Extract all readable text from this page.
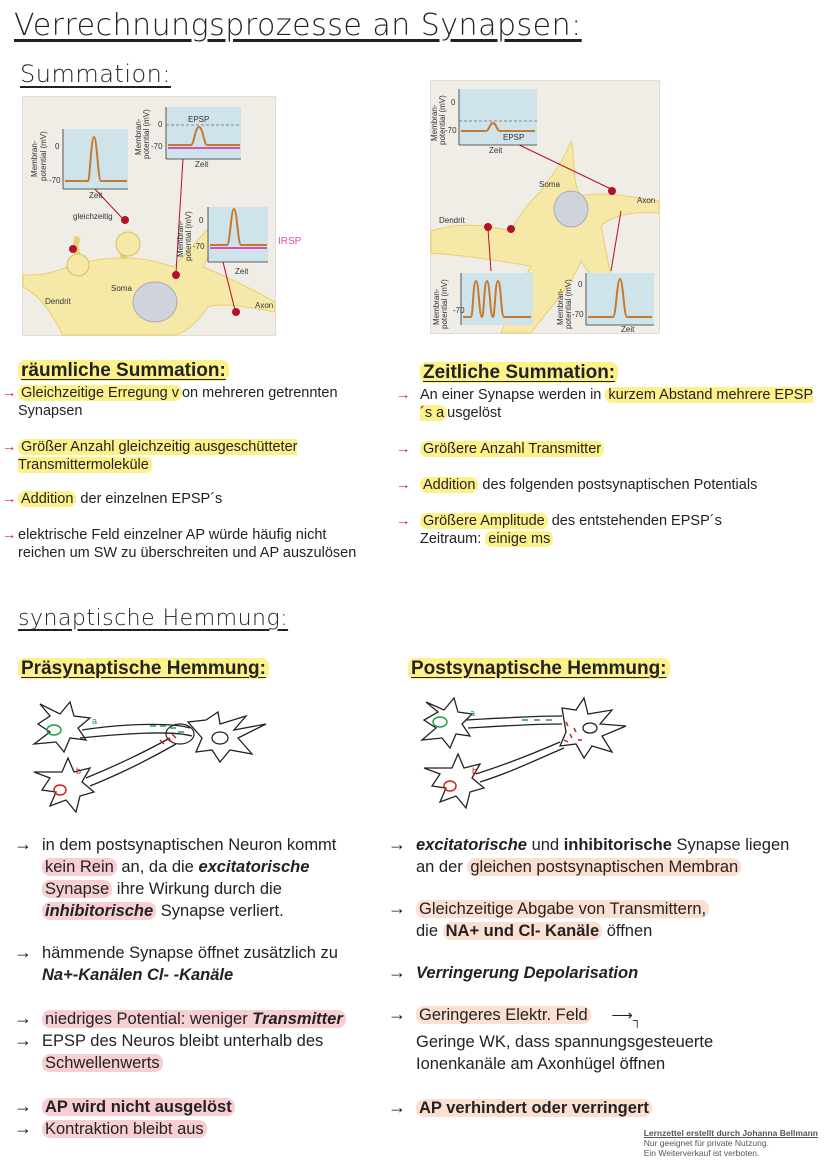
Verrechnungsprozesse an Synapsen:
Summation:
0
-70
Zeit
Membran- potential (mV)
EPSP
0
-70
Zeit
Membran- potential (mV)
0
-70
Zeit
Membran- potential (mV)
gleichzeitig
Soma
Dendrit	Axon
IRSP
EPSP
0
-70
Zeit
Membran- potential (mV)
-70
Membran- potential (mV)	0
-70
Zeit
Membran- potential (mV)
Soma
Dendrit
Axon
räumliche Summation:
→ Gleichzeitige Erregung v on mehreren getrennten Synapsen
→ Größer Anzahl gleichzeitig ausgeschütteter Transmittermoleküle
→ Addition der einzelnen EPSP´s
→ elektrische Feld einzelner AP würde häufig nicht reichen um SW zu überschreiten und AP auszulösen
Zeitliche Summation:
→ An einer Synapse werden in kurzem Abstand mehrere EPSP´s a usgelöst
→ Größere Anzahl Transmitter
→ Addition des folgenden postsynaptischen Potentials
→ Größere Amplitude des entstehenden EPSP´s
Zeitraum: einige ms
synaptische Hemmung:
Präsynaptische Hemmung:	Postsynaptische Hemmung:
a
b
a
b
→ in dem postsynaptischen Neuron kommt
kein Rein an, da die excitatorische
Synapse ihre Wirkung durch die
inhibitorische Synapse verliert.
→ hämmende Synapse öffnet zusätzlich zu
Na+-Kanälen Cl- -Kanäle
→ niedriges Potential: weniger Transmitter
→ EPSP des Neuros bleibt unterhalb des
Schwellenwerts
→ AP wird nicht ausgelöst
→ Kontraktion bleibt aus
→ excitatorische und inhibitorische Synapse liegen
an der gleichen postsynaptischen Membran
→ Gleichzeitige Abgabe von Transmittern,
die NA+ und Cl- Kanäle öffnen
→ Verringerung Depolarisation
→ Geringeres Elektr. Feld $⟶_┐$
Geringe WK, dass spannungsgesteuerte
Ionenkanäle am Axonhügel öffnen
→ AP verhindert oder verringert
Lernzettel erstellt durch Johanna Bellmann
Nur geeignet für private Nutzung.
Ein Weiterverkauf ist verboten.
